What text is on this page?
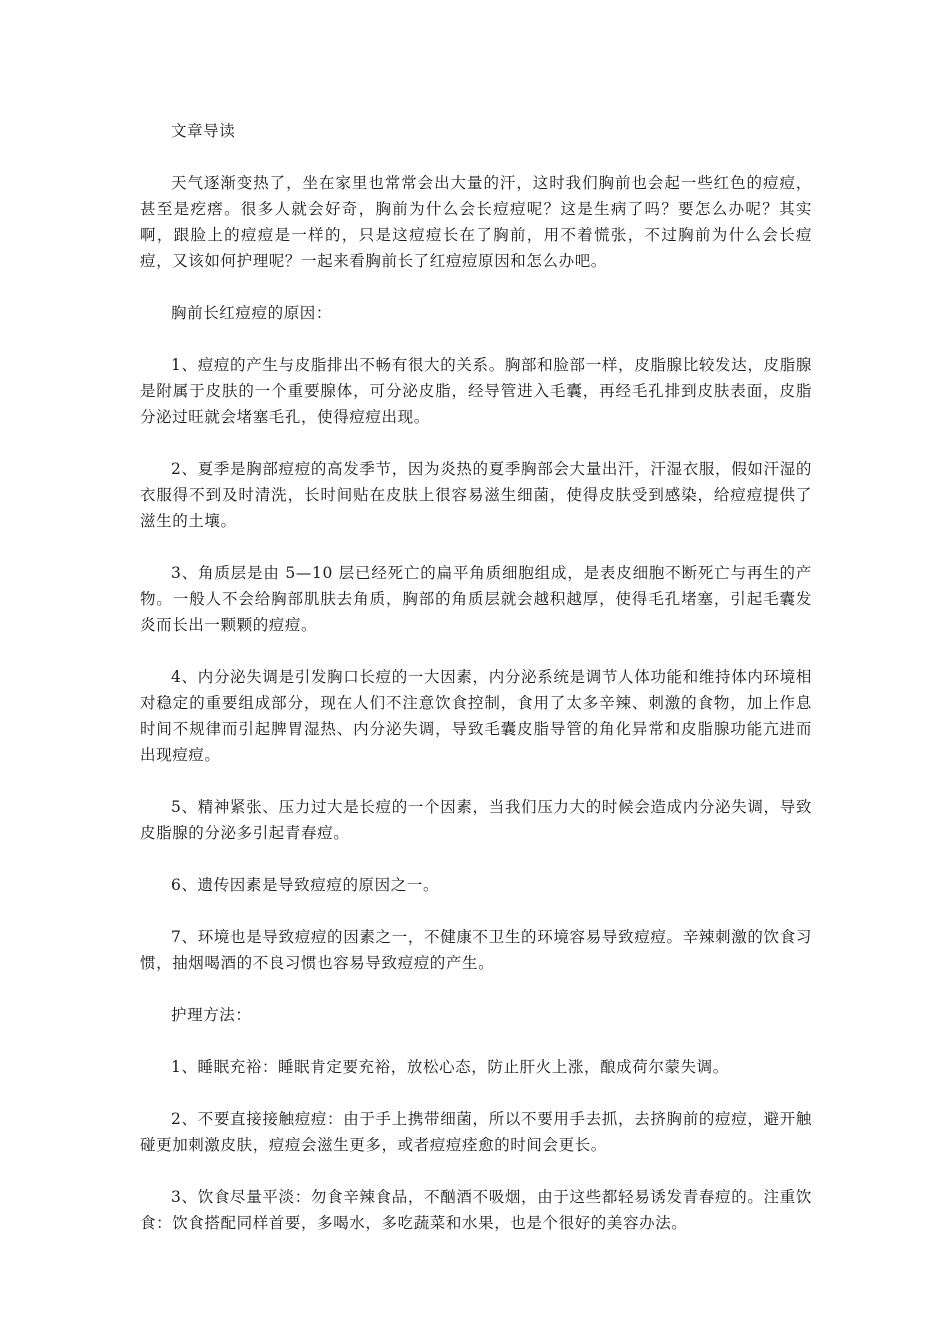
文章导读

天气逐渐变热了，坐在家里也常常会出大量的汗，这时我们胸前也会起一些红色的痘痘，甚至是疙瘩。很多人就会好奇，胸前为什么会长痘痘呢？这是生病了吗？要怎么办呢？其实啊，跟脸上的痘痘是一样的，只是这痘痘长在了胸前，用不着慌张，不过胸前为什么会长痘痘，又该如何护理呢？一起来看胸前长了红痘痘原因和怎么办吧。

胸前长红痘痘的原因：

1、痘痘的产生与皮脂排出不畅有很大的关系。胸部和脸部一样，皮脂腺比较发达，皮脂腺是附属于皮肤的一个重要腺体，可分泌皮脂，经导管进入毛囊，再经毛孔排到皮肤表面，皮脂分泌过旺就会堵塞毛孔，使得痘痘出现。

2、夏季是胸部痘痘的高发季节，因为炎热的夏季胸部会大量出汗，汗湿衣服，假如汗湿的衣服得不到及时清洗，长时间贴在皮肤上很容易滋生细菌，使得皮肤受到感染，给痘痘提供了滋生的土壤。

3、角质层是由 5—10 层已经死亡的扁平角质细胞组成，是表皮细胞不断死亡与再生的产物。一般人不会给胸部肌肤去角质，胸部的角质层就会越积越厚，使得毛孔堵塞，引起毛囊发炎而长出一颗颗的痘痘。

4、内分泌失调是引发胸口长痘的一大因素，内分泌系统是调节人体功能和维持体内环境相对稳定的重要组成部分，现在人们不注意饮食控制，食用了太多辛辣、刺激的食物，加上作息时间不规律而引起脾胃湿热、内分泌失调，导致毛囊皮脂导管的角化异常和皮脂腺功能亢进而出现痘痘。

5、精神紧张、压力过大是长痘的一个因素，当我们压力大的时候会造成内分泌失调，导致皮脂腺的分泌多引起青春痘。

6、遗传因素是导致痘痘的原因之一。

7、环境也是导致痘痘的因素之一，不健康不卫生的环境容易导致痘痘。辛辣刺激的饮食习惯，抽烟喝酒的不良习惯也容易导致痘痘的产生。

护理方法：

1、睡眠充裕：睡眠肯定要充裕，放松心态，防止肝火上涨，酿成荷尔蒙失调。

2、不要直接接触痘痘：由于手上携带细菌，所以不要用手去抓，去挤胸前的痘痘，避开触碰更加刺激皮肤，痘痘会滋生更多，或者痘痘痊愈的时间会更长。

3、饮食尽量平淡：勿食辛辣食品，不酗酒不吸烟，由于这些都轻易诱发青春痘的。注重饮食：饮食搭配同样首要，多喝水，多吃蔬菜和水果，也是个很好的美容办法。
